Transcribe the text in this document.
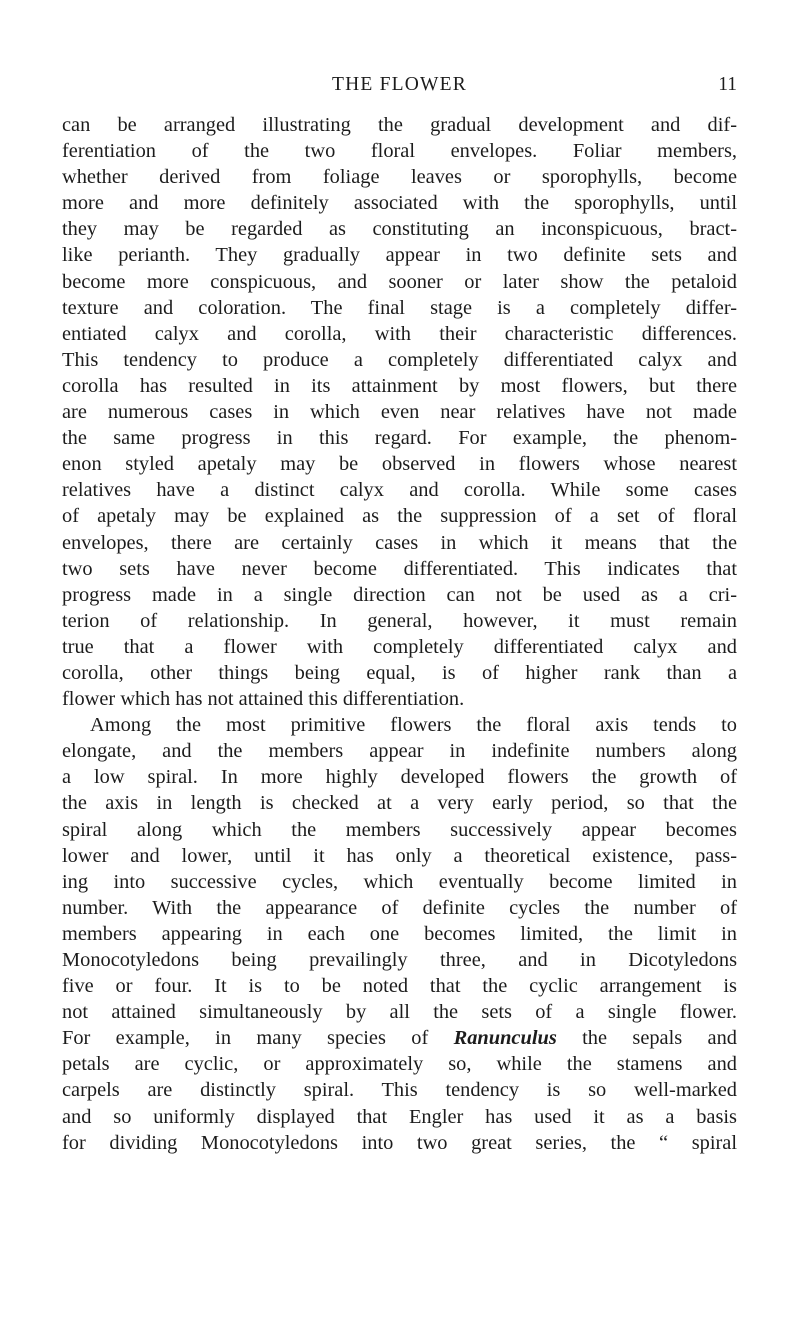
THE FLOWER	11
can be arranged illustrating the gradual development and dif-
ferentiation of the two floral envelopes. Foliar members,
whether derived from foliage leaves or sporophylls, become
more and more definitely associated with the sporophylls, until
they may be regarded as constituting an inconspicuous, bract-
like perianth. They gradually appear in two definite sets and
become more conspicuous, and sooner or later show the petaloid
texture and coloration. The final stage is a completely differ-
entiated calyx and corolla, with their characteristic differences.
This tendency to produce a completely differentiated calyx and
corolla has resulted in its attainment by most flowers, but there
are numerous cases in which even near relatives have not made
the same progress in this regard. For example, the phenom-
enon styled apetaly may be observed in flowers whose nearest
relatives have a distinct calyx and corolla. While some cases
of apetaly may be explained as the suppression of a set of floral
envelopes, there are certainly cases in which it means that the
two sets have never become differentiated. This indicates that
progress made in a single direction can not be used as a cri-
terion of relationship. In general, however, it must remain
true that a flower with completely differentiated calyx and
corolla, other things being equal, is of higher rank than a
flower which has not attained this differentiation.
Among the most primitive flowers the floral axis tends to
elongate, and the members appear in indefinite numbers along
a low spiral. In more highly developed flowers the growth of
the axis in length is checked at a very early period, so that the
spiral along which the members successively appear becomes
lower and lower, until it has only a theoretical existence, pass-
ing into successive cycles, which eventually become limited in
number. With the appearance of definite cycles the number of
members appearing in each one becomes limited, the limit in
Monocotyledons being prevailingly three, and in Dicotyledons
five or four. It is to be noted that the cyclic arrangement is
not attained simultaneously by all the sets of a single flower.
For example, in many species of Ranunculus the sepals and
petals are cyclic, or approximately so, while the stamens and
carpels are distinctly spiral. This tendency is so well-marked
and so uniformly displayed that Engler has used it as a basis
for dividing Monocotyledons into two great series, the “ spiral
